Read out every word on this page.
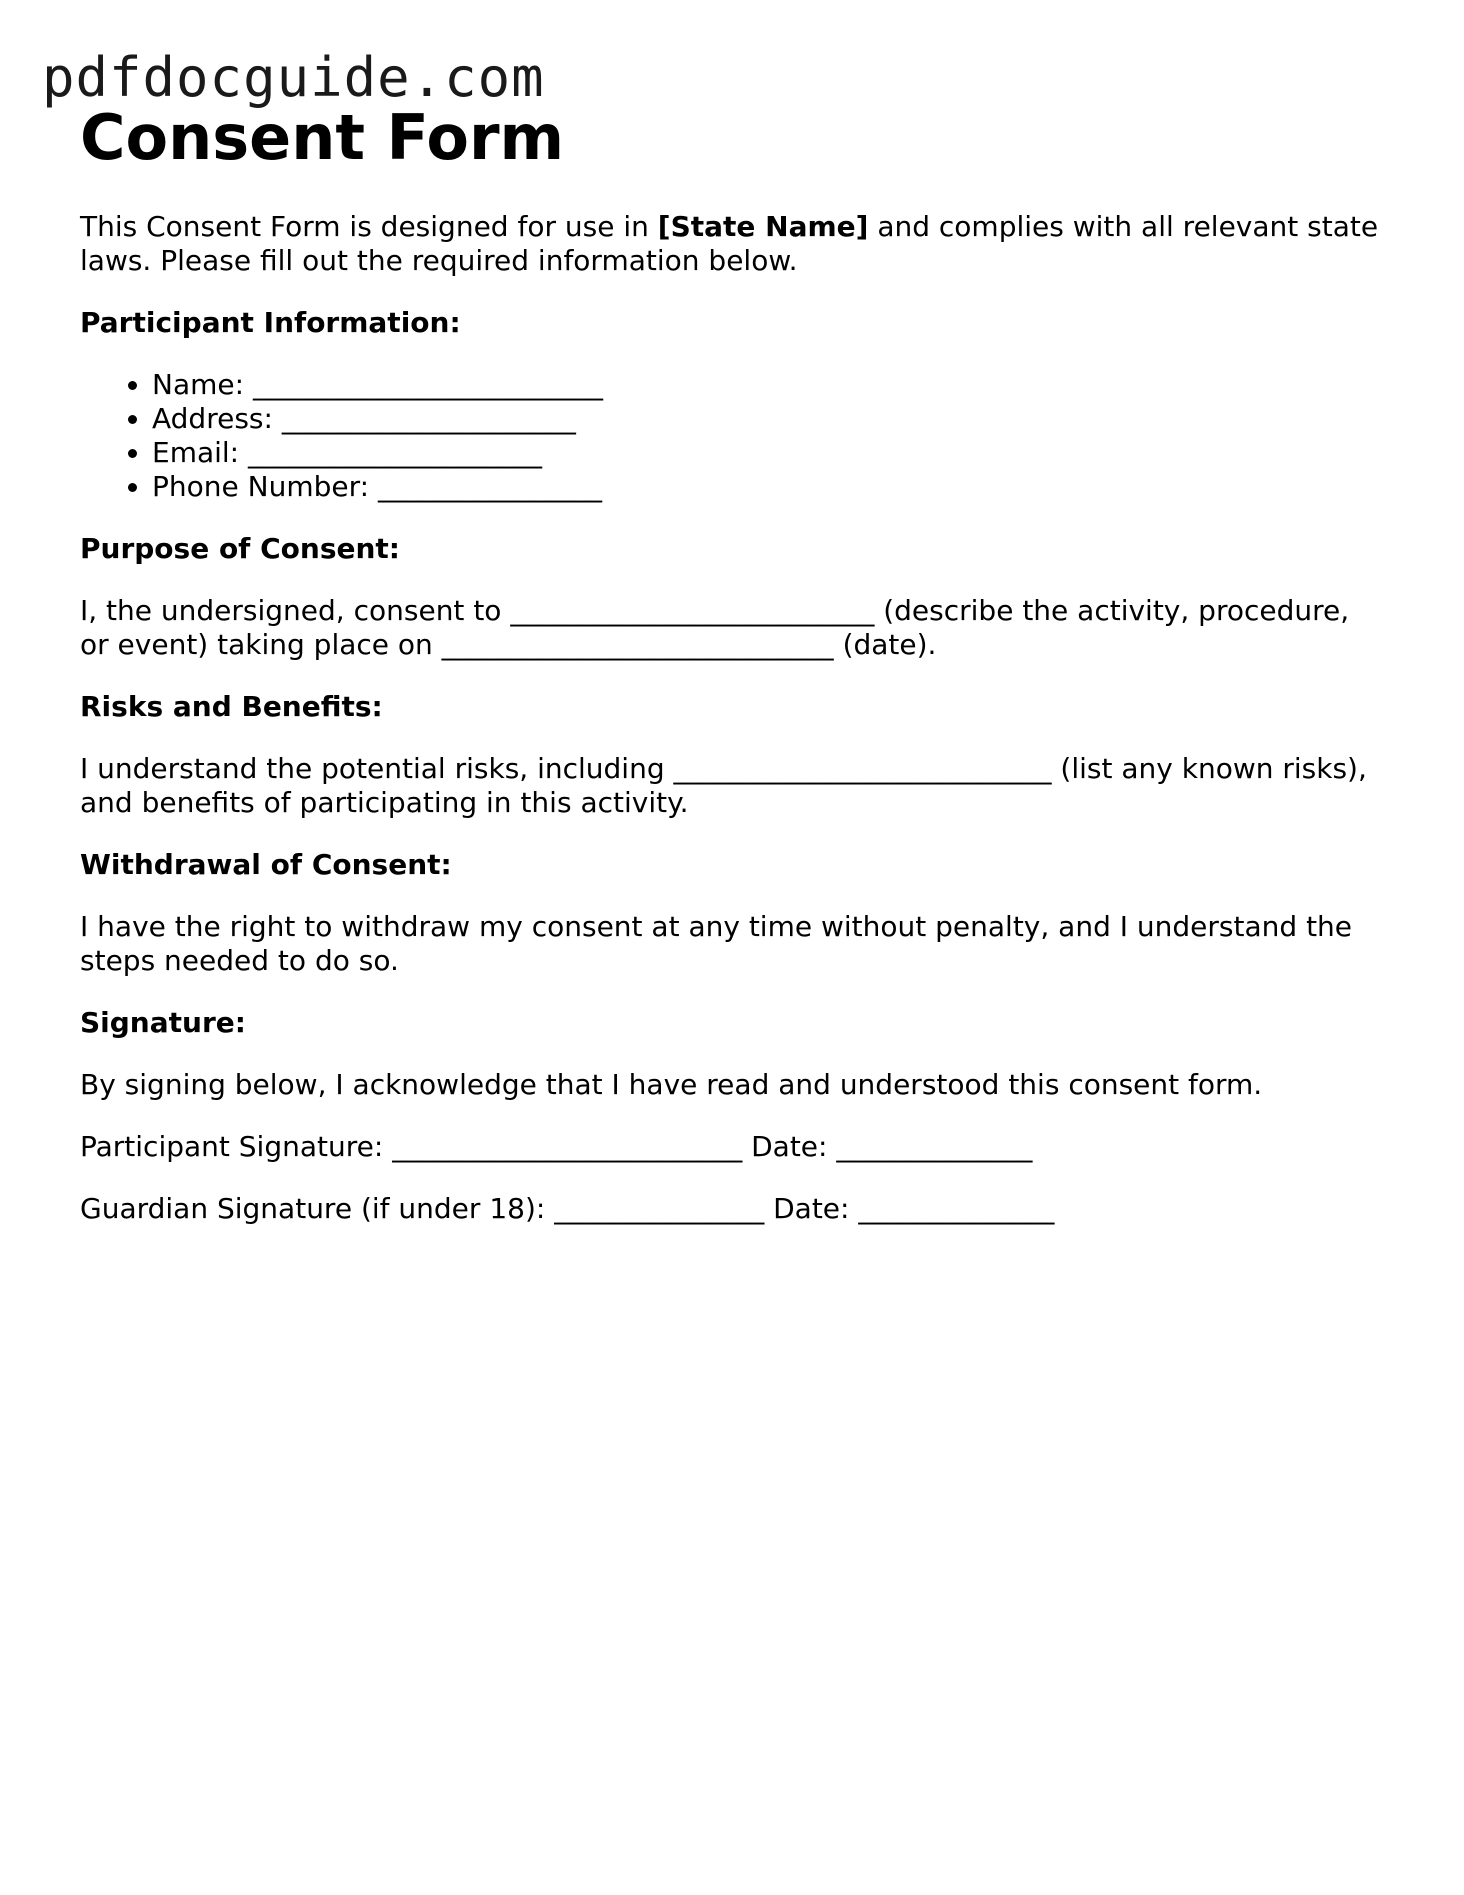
pdfdocguide.com
Consent Form

This Consent Form is designed for use in [State Name] and complies with all relevant state laws. Please fill out the required information below.

Participant Information:
• Name: _________________________
• Address: _____________________
• Email: _____________________
• Phone Number: ________________
Purpose of Consent:

I, the undersigned, consent to __________________________ (describe the activity, procedure, or event) taking place on ____________________________ (date).

Risks and Benefits:

I understand the potential risks, including ___________________________ (list any known risks), and benefits of participating in this activity.

Withdrawal of Consent:

I have the right to withdraw my consent at any time without penalty, and I understand the steps needed to do so.

Signature:

By signing below, I acknowledge that I have read and understood this consent form.

Participant Signature: _________________________ Date: ______________

Guardian Signature (if under 18): _______________ Date: ______________
